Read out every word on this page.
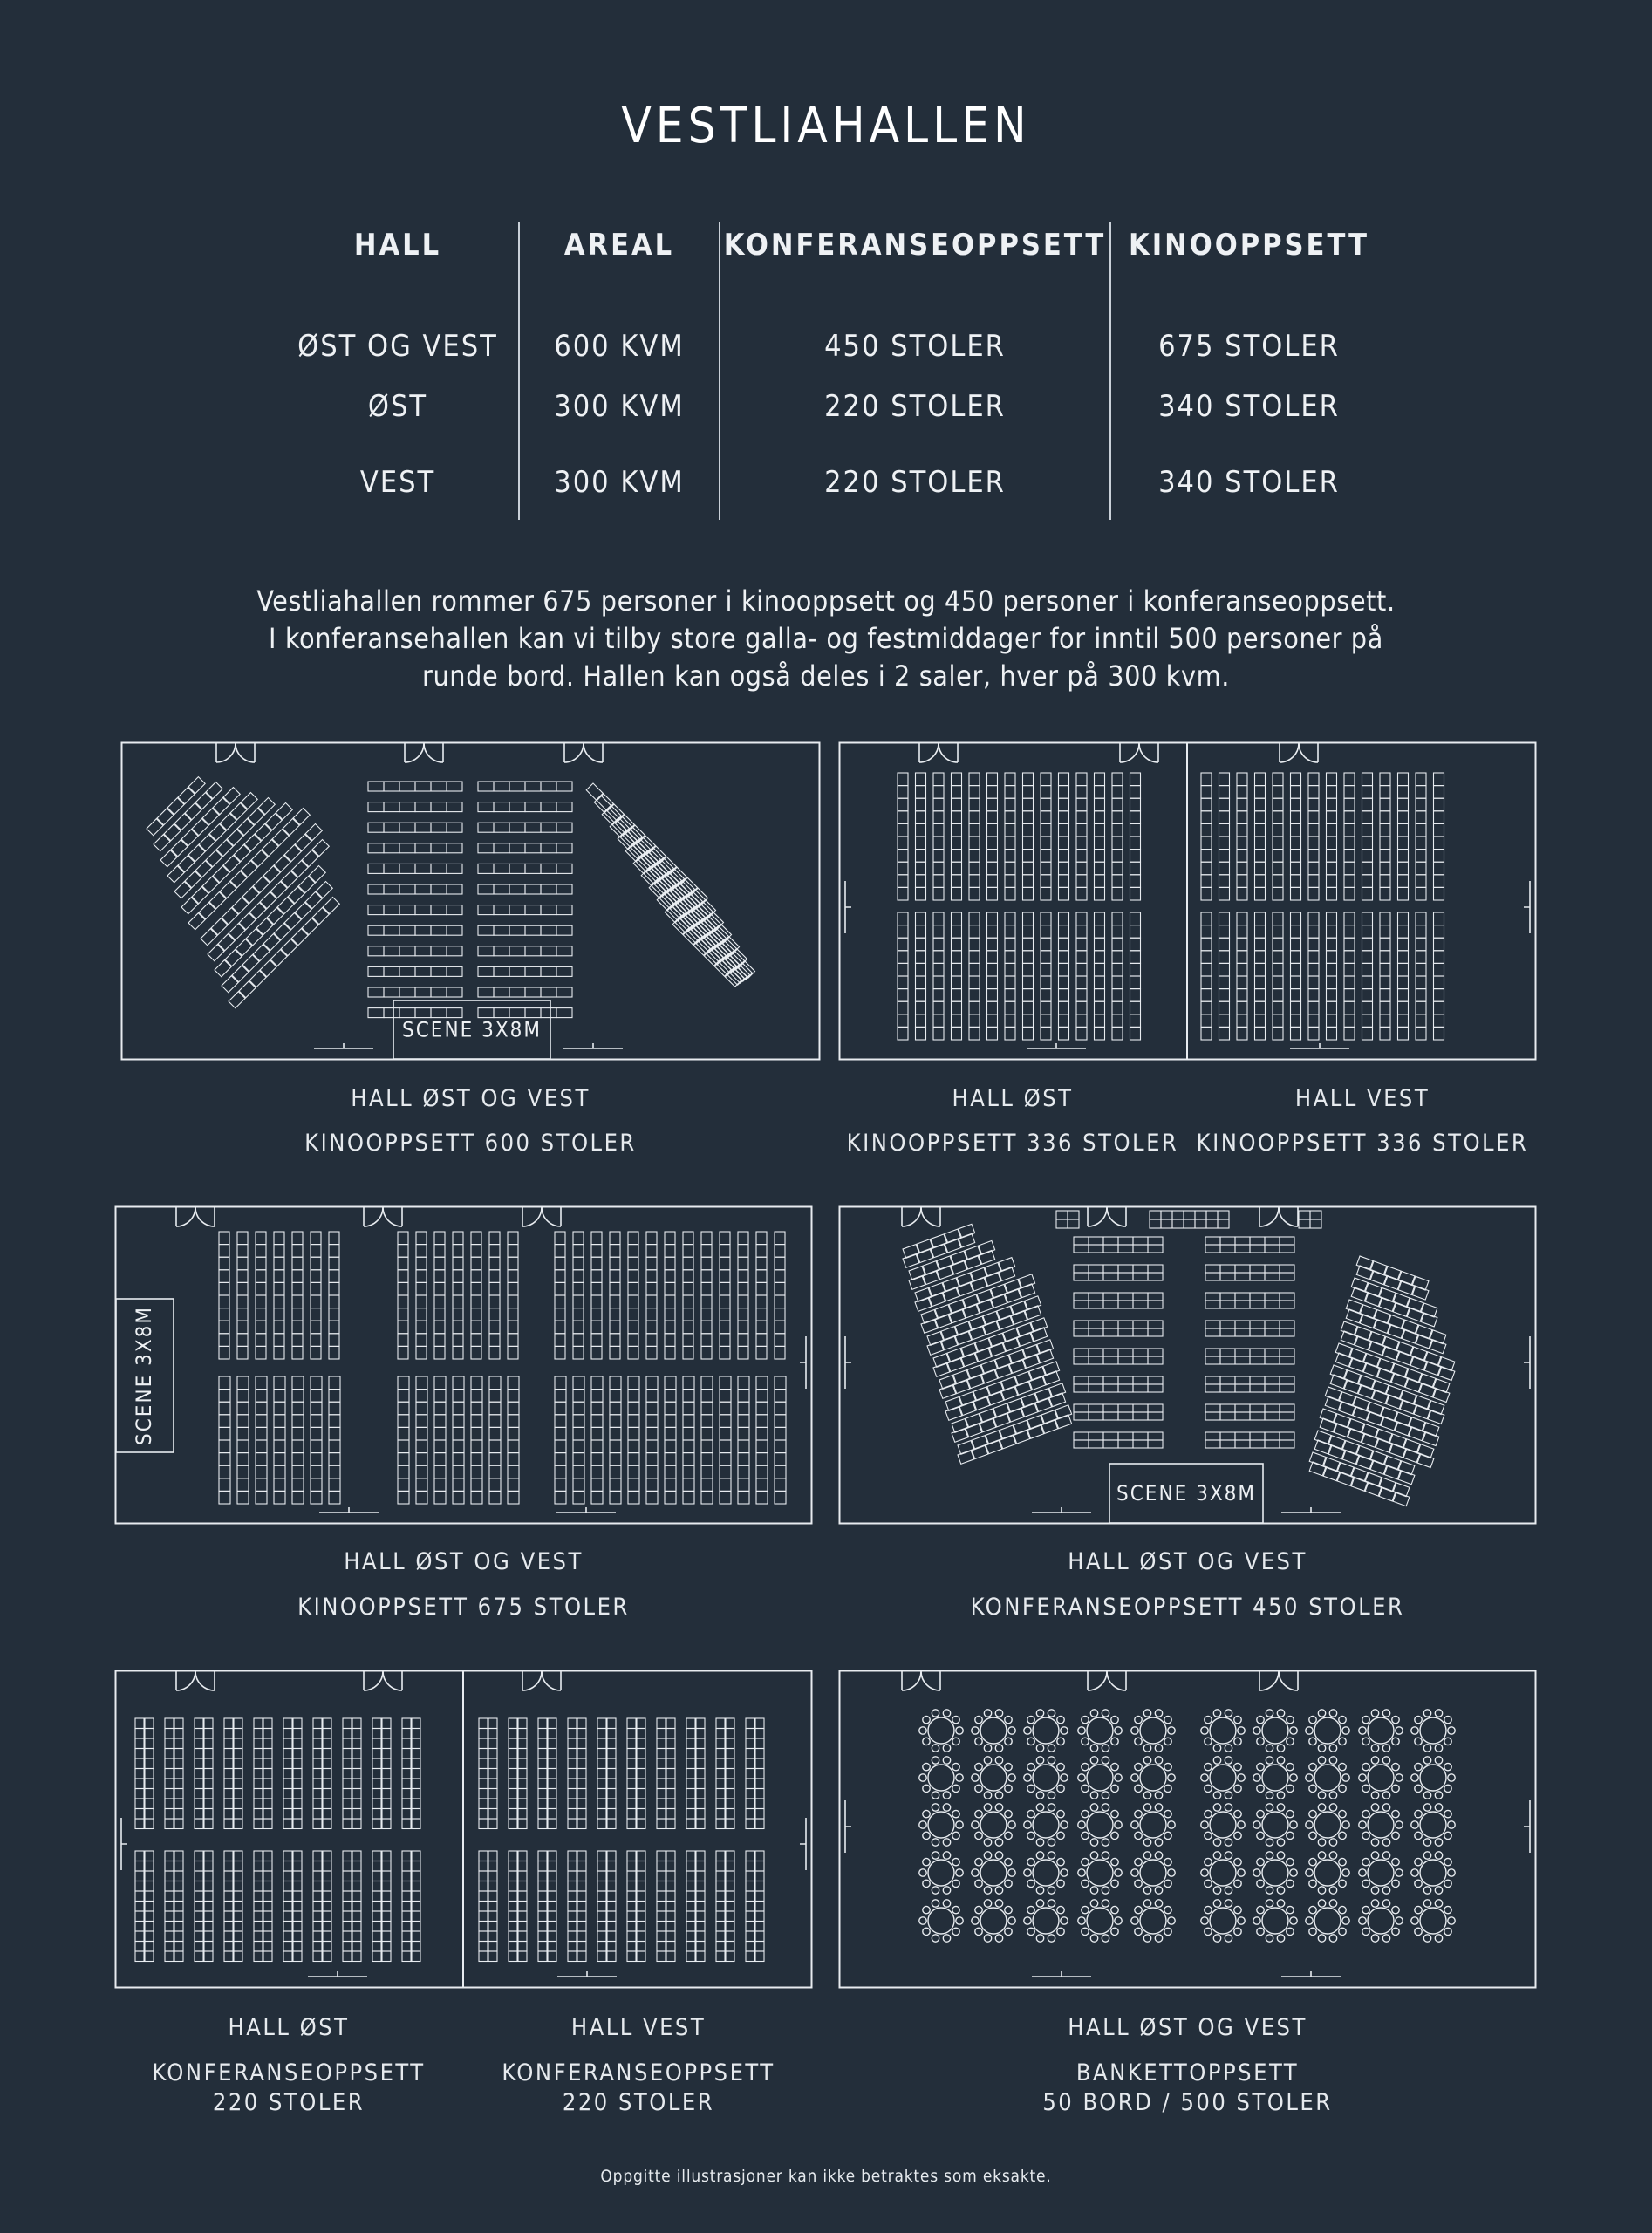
VESTLIAHALLEN
HALL	AREAL	KONFERANSEOPPSETT	KINOOPPSETT
ØST OG VEST	600 KVM	450 STOLER	675 STOLER
ØST	300 KVM	220 STOLER	340 STOLER
VEST	300 KVM	220 STOLER	340 STOLER
Vestliahallen rommer 675 personer i kinooppsett og 450 personer i konferanseoppsett.
I konferansehallen kan vi tilby store galla- og festmiddager for inntil 500 personer på
runde bord. Hallen kan også deles i 2 saler, hver på 300 kvm.
SCENE 3X8M
HALL ØST OG VEST
KINOOPPSETT 600 STOLER
HALL ØST
KINOOPPSETT 336 STOLER
HALL VEST
KINOOPPSETT 336 STOLER
SCENE 3X8M
HALL ØST OG VEST
KINOOPPSETT 675 STOLER
SCENE 3X8M
HALL ØST OG VEST
KONFERANSEOPPSETT 450 STOLER
HALL ØST
KONFERANSEOPPSETT
220 STOLER
HALL VEST
KONFERANSEOPPSETT
220 STOLER
HALL ØST OG VEST
BANKETTOPPSETT
50 BORD / 500 STOLER
Oppgitte illustrasjoner kan ikke betraktes som eksakte.
